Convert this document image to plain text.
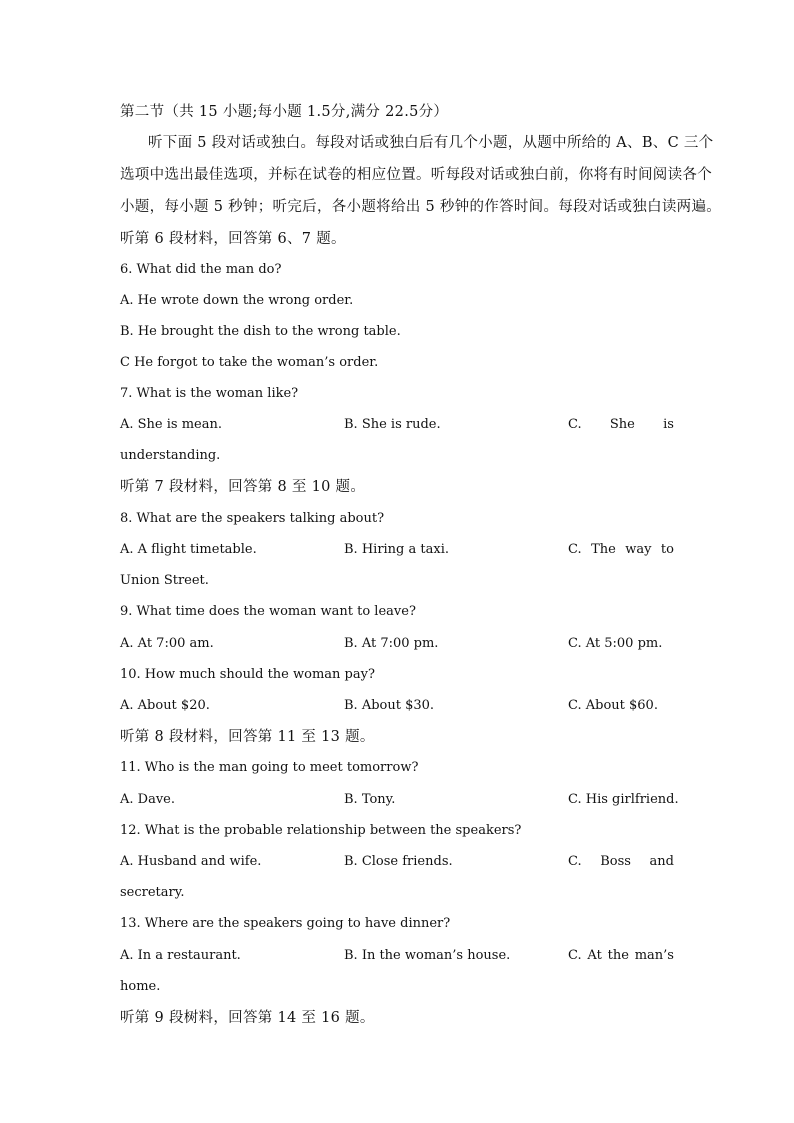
第二节（共 15 小题;每小题 1.5分,满分 22.5分）
听下面 5 段对话或独白。每段对话或独白后有几个小题，从题中所给的 A、B、C 三个
选项中选出最佳选项，并标在试卷的相应位置。听每段对话或独白前，你将有时间阅读各个
小题，每小题 5 秒钟；听完后，各小题将给出 5 秒钟的作答时间。每段对话或独白读两遍。
听第 6 段材料，回答第 6、7 题。
6. What did the man do?
A. He wrote down the wrong order.
B. He brought the dish to the wrong table.
C He forgot to take the woman’s order.
7. What is the woman like?
A. She is mean.	B. She is rude.	C. She is
understanding.
听第 7 段材料，回答第 8 至 10 题。
8. What are the speakers talking about?
A. A flight timetable.	B. Hiring a taxi.	C. The way to
Union Street.
9. What time does the woman want to leave?
A. At 7:00 am.	B. At 7:00 pm.	C. At 5:00 pm.
10. How much should the woman pay?
A. About $20.	B. About $30.	C. About $60.
听第 8 段材料，回答第 11 至 13 题。
11. Who is the man going to meet tomorrow?
A. Dave.	B. Tony.	C. His girlfriend.
12. What is the probable relationship between the speakers?
A. Husband and wife.	B. Close friends.	C. Boss and
secretary.
13. Where are the speakers going to have dinner?
A. In a restaurant.	B. In the woman’s house.	C. At the man’s
home.
听第 9 段树料，回答第 14 至 16 题。
